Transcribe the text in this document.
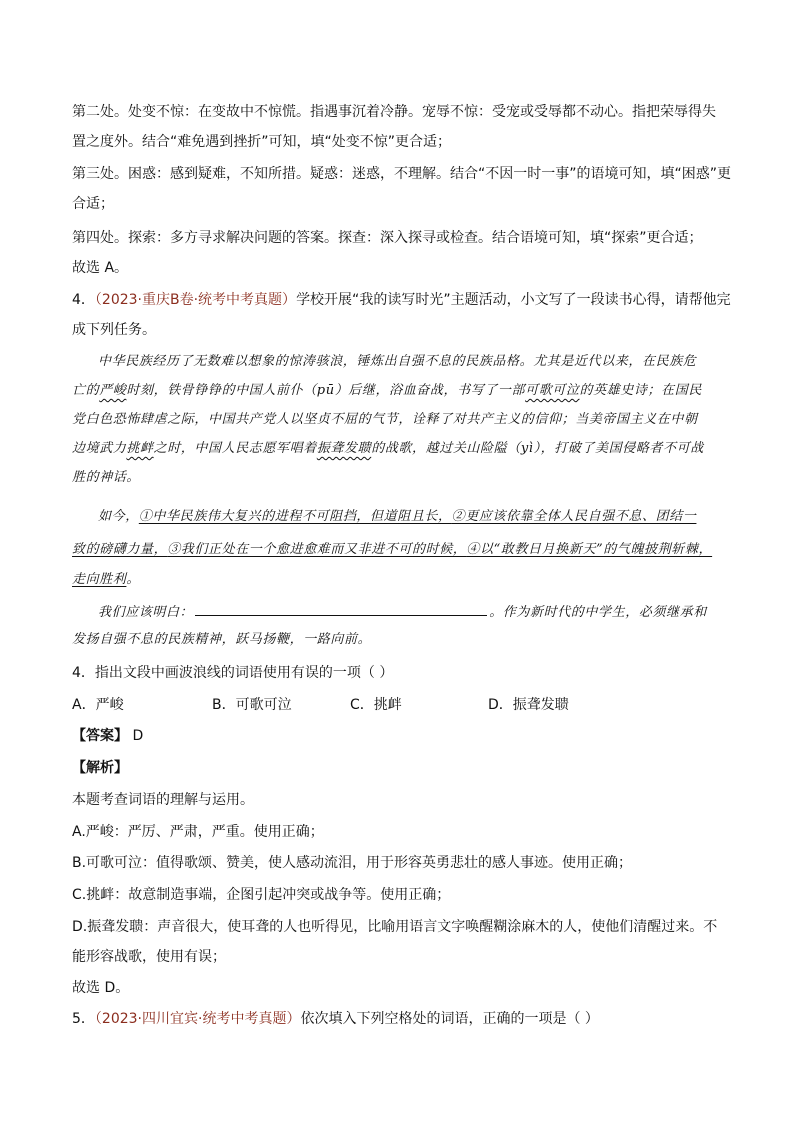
第二处。处变不惊：在变故中不惊慌。指遇事沉着冷静。宠辱不惊：受宠或受辱都不动心。指把荣辱得失
置之度外。结合“难免遇到挫折”可知，填“处变不惊”更合适；
第三处。困惑：感到疑难，不知所措。疑惑：迷惑，不理解。结合“不因一时一事”的语境可知，填“困惑”更
合适；
第四处。探索：多方寻求解决问题的答案。探查：深入探寻或检查。结合语境可知，填“探索”更合适；
故选 A。
4．（2023·重庆B卷·统考中考真题）学校开展“我的读写时光”主题活动，小文写了一段读书心得，请帮他完
成下列任务。
中华民族经历了无数难以想象的惊涛骇浪，锤炼出自强不息的民族品格。尤其是近代以来，在民族危
亡的严峻时刻，铁骨铮铮的中国人前仆（pū）后继，浴血奋战，书写了一部可歌可泣的英雄史诗；在国民
党白色恐怖肆虐之际，中国共产党人以坚贞不屈的气节，诠释了对共产主义的信仰；当美帝国主义在中朝
边境武力挑衅之时，中国人民志愿军唱着振聋发聩的战歌，越过关山险隘（yì），打破了美国侵略者不可战
胜的神话。
如今，①中华民族伟大复兴的进程不可阻挡，但道阻且长，②更应该依靠全体人民自强不息、团结一
致的磅礴力量，③我们正处在一个愈进愈难而又非进不可的时候，④以“敢教日月换新天”的气魄披荆斩棘，
走向胜利。
我们应该明白：	。作为新时代的中学生，必须继承和
发扬自强不息的民族精神，跃马扬鞭，一路向前。
4．指出文段中画波浪线的词语使用有误的一项（ ）
A．严峻	B．可歌可泣	C．挑衅	D．振聋发聩
【答案】 D
【解析】
本题考查词语的理解与运用。
A.严峻：严厉、严肃，严重。使用正确；
B.可歌可泣：值得歌颂、赞美，使人感动流泪，用于形容英勇悲壮的感人事迹。使用正确；
C.挑衅：故意制造事端，企图引起冲突或战争等。使用正确；
D.振聋发聩：声音很大，使耳聋的人也听得见，比喻用语言文字唤醒糊涂麻木的人，使他们清醒过来。不
能形容战歌，使用有误；
故选 D。
5．（2023·四川宜宾·统考中考真题）依次填入下列空格处的词语，正确的一项是（ ）
